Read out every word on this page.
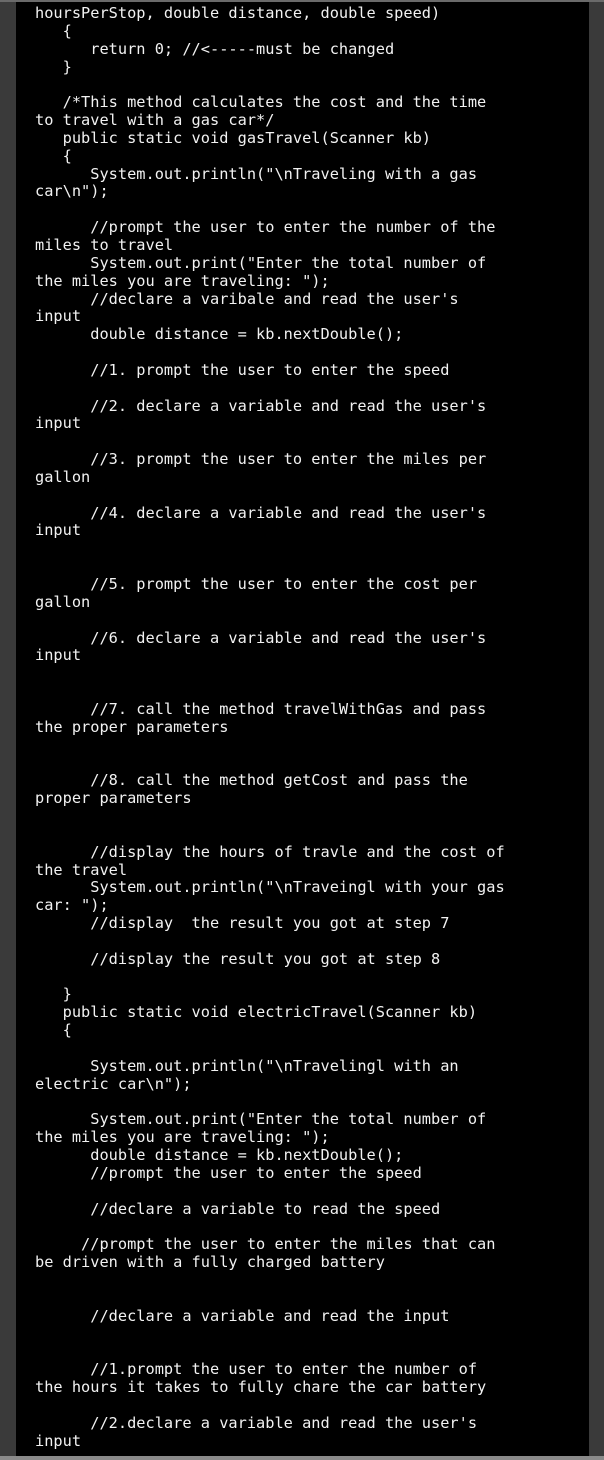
hoursPerStop, double distance, double speed)
{
return 0; //<-----must be changed
}
/*This method calculates the cost and the time
to travel with a gas car*/
public static void gasTravel(Scanner kb)
{
System.out.println("\nTraveling with a gas
car\n");
//prompt the user to enter the number of the
miles to travel
System.out.print("Enter the total number of
the miles you are traveling: ");
//declare a varibale and read the user's
input
double distance = kb.nextDouble();
//1. prompt the user to enter the speed
//2. declare a variable and read the user's
input
//3. prompt the user to enter the miles per
gallon
//4. declare a variable and read the user's
input
//5. prompt the user to enter the cost per
gallon
//6. declare a variable and read the user's
input
//7. call the method travelWithGas and pass
the proper parameters
//8. call the method getCost and pass the
proper parameters
//display the hours of travle and the cost of
the travel
System.out.println("\nTraveingl with your gas
car: ");
//display  the result you got at step 7
//display the result you got at step 8
}
public static void electricTravel(Scanner kb)
{
System.out.println("\nTravelingl with an
electric car\n");
System.out.print("Enter the total number of
the miles you are traveling: ");
double distance = kb.nextDouble();
//prompt the user to enter the speed
//declare a variable to read the speed
//prompt the user to enter the miles that can
be driven with a fully charged battery
//declare a variable and read the input
//1.prompt the user to enter the number of
the hours it takes to fully chare the car battery
//2.declare a variable and read the user's
input
